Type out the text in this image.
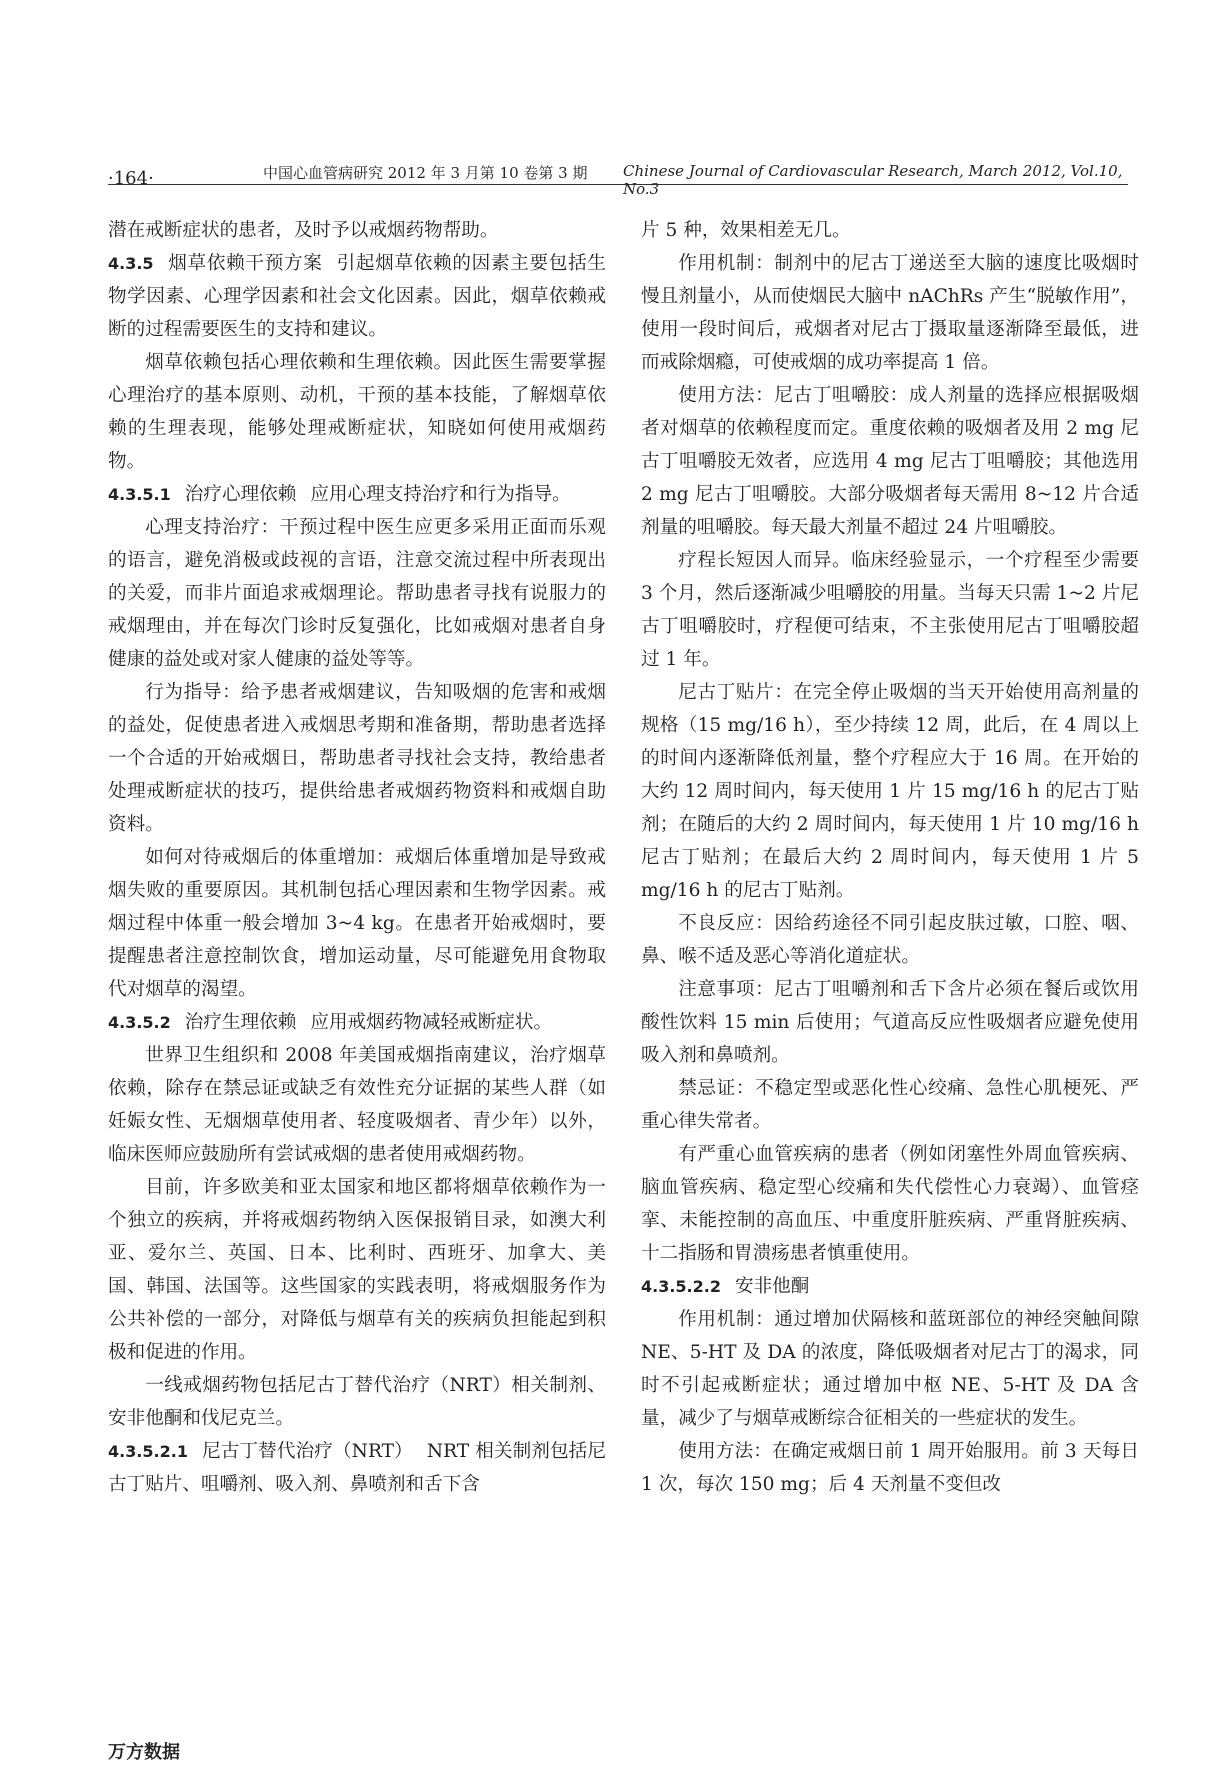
·164·	中国心血管病研究 2012 年 3 月第 10 卷第 3 期 Chinese Journal of Cardiovascular Research, March 2012, Vol.10, No.3

潜在戒断症状的患者，及时予以戒烟药物帮助。

4.3.5 烟草依赖干预方案 引起烟草依赖的因素主要包括生物学因素、心理学因素和社会文化因素。因此，烟草依赖戒断的过程需要医生的支持和建议。

烟草依赖包括心理依赖和生理依赖。因此医生需要掌握心理治疗的基本原则、动机，干预的基本技能，了解烟草依赖的生理表现，能够处理戒断症状，知晓如何使用戒烟药物。

4.3.5.1 治疗心理依赖 应用心理支持治疗和行为指导。

心理支持治疗：干预过程中医生应更多采用正面而乐观的语言，避免消极或歧视的言语，注意交流过程中所表现出的关爱，而非片面追求戒烟理论。帮助患者寻找有说服力的戒烟理由，并在每次门诊时反复强化，比如戒烟对患者自身健康的益处或对家人健康的益处等等。

行为指导：给予患者戒烟建议，告知吸烟的危害和戒烟的益处，促使患者进入戒烟思考期和准备期，帮助患者选择一个合适的开始戒烟日，帮助患者寻找社会支持，教给患者处理戒断症状的技巧，提供给患者戒烟药物资料和戒烟自助资料。

如何对待戒烟后的体重增加：戒烟后体重增加是导致戒烟失败的重要原因。其机制包括心理因素和生物学因素。戒烟过程中体重一般会增加 3~4 kg。在患者开始戒烟时，要提醒患者注意控制饮食，增加运动量，尽可能避免用食物取代对烟草的渴望。

4.3.5.2 治疗生理依赖 应用戒烟药物减轻戒断症状。

世界卫生组织和 2008 年美国戒烟指南建议，治疗烟草依赖，除存在禁忌证或缺乏有效性充分证据的某些人群（如妊娠女性、无烟烟草使用者、轻度吸烟者、青少年）以外，临床医师应鼓励所有尝试戒烟的患者使用戒烟药物。

目前，许多欧美和亚太国家和地区都将烟草依赖作为一个独立的疾病，并将戒烟药物纳入医保报销目录，如澳大利亚、爱尔兰、英国、日本、比利时、西班牙、加拿大、美国、韩国、法国等。这些国家的实践表明，将戒烟服务作为公共补偿的一部分，对降低与烟草有关的疾病负担能起到积极和促进的作用。

一线戒烟药物包括尼古丁替代治疗（NRT）相关制剂、安非他酮和伐尼克兰。

4.3.5.2.1 尼古丁替代治疗（NRT） NRT 相关制剂包括尼古丁贴片、咀嚼剂、吸入剂、鼻喷剂和舌下含

片 5 种，效果相差无几。

作用机制：制剂中的尼古丁递送至大脑的速度比吸烟时慢且剂量小，从而使烟民大脑中 nAChRs 产生“脱敏作用”，使用一段时间后，戒烟者对尼古丁摄取量逐渐降至最低，进而戒除烟瘾，可使戒烟的成功率提高 1 倍。

使用方法：尼古丁咀嚼胶：成人剂量的选择应根据吸烟者对烟草的依赖程度而定。重度依赖的吸烟者及用 2 mg 尼古丁咀嚼胶无效者，应选用 4 mg 尼古丁咀嚼胶；其他选用 2 mg 尼古丁咀嚼胶。大部分吸烟者每天需用 8~12 片合适剂量的咀嚼胶。每天最大剂量不超过 24 片咀嚼胶。

疗程长短因人而异。临床经验显示，一个疗程至少需要 3 个月，然后逐渐减少咀嚼胶的用量。当每天只需 1~2 片尼古丁咀嚼胶时，疗程便可结束，不主张使用尼古丁咀嚼胶超过 1 年。

尼古丁贴片：在完全停止吸烟的当天开始使用高剂量的规格（15 mg/16 h），至少持续 12 周，此后，在 4 周以上的时间内逐渐降低剂量，整个疗程应大于 16 周。在开始的大约 12 周时间内，每天使用 1 片 15 mg/16 h 的尼古丁贴剂；在随后的大约 2 周时间内，每天使用 1 片 10 mg/16 h 尼古丁贴剂；在最后大约 2 周时间内，每天使用 1 片 5 mg/16 h 的尼古丁贴剂。

不良反应：因给药途径不同引起皮肤过敏，口腔、咽、鼻、喉不适及恶心等消化道症状。

注意事项：尼古丁咀嚼剂和舌下含片必须在餐后或饮用酸性饮料 15 min 后使用；气道高反应性吸烟者应避免使用吸入剂和鼻喷剂。

禁忌证：不稳定型或恶化性心绞痛、急性心肌梗死、严重心律失常者。

有严重心血管疾病的患者（例如闭塞性外周血管疾病、脑血管疾病、稳定型心绞痛和失代偿性心力衰竭）、血管痉挛、未能控制的高血压、中重度肝脏疾病、严重肾脏疾病、十二指肠和胃溃疡患者慎重使用。

4.3.5.2.2 安非他酮

作用机制：通过增加伏隔核和蓝斑部位的神经突触间隙 NE、5-HT 及 DA 的浓度，降低吸烟者对尼古丁的渴求，同时不引起戒断症状；通过增加中枢 NE、5-HT 及 DA 含量，减少了与烟草戒断综合征相关的一些症状的发生。

使用方法：在确定戒烟日前 1 周开始服用。前 3 天每日 1 次，每次 150 mg；后 4 天剂量不变但改

万方数据
